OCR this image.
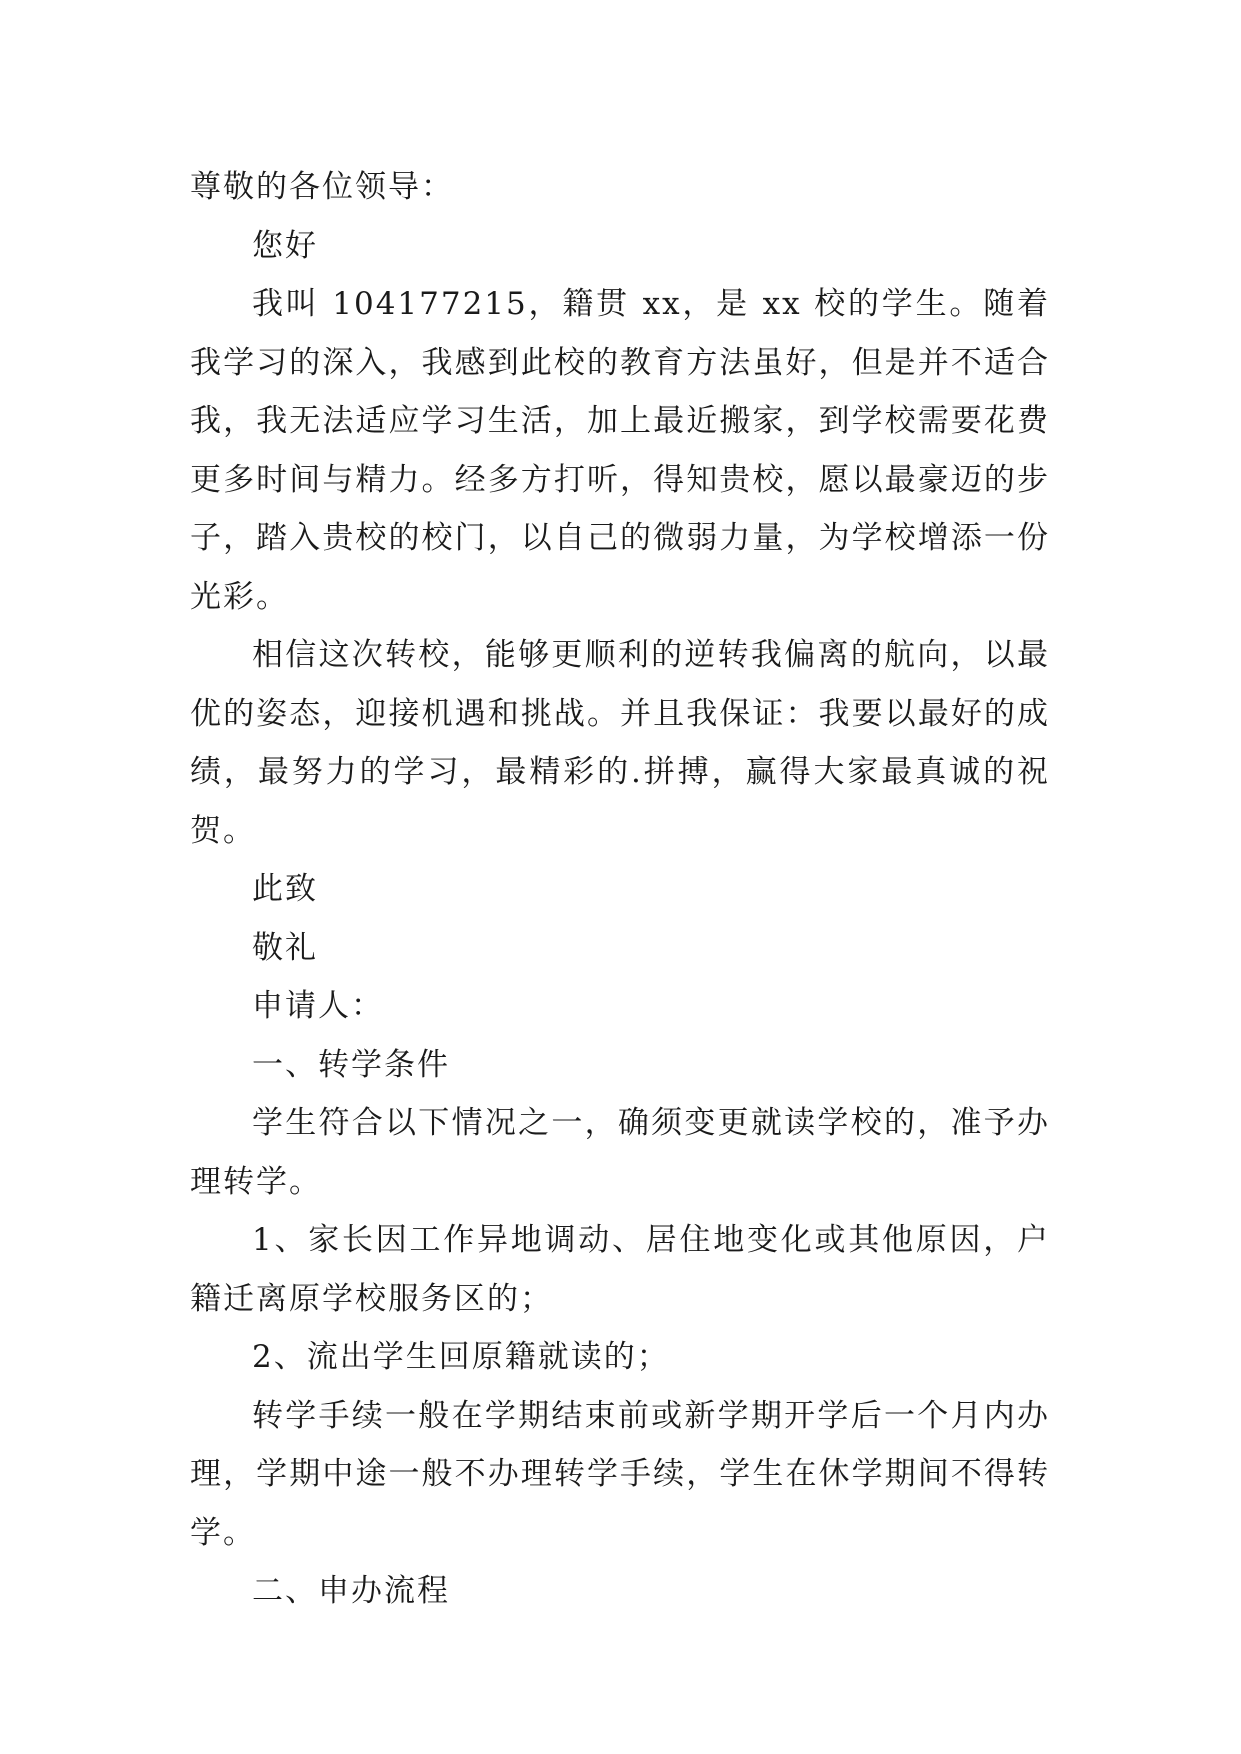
尊敬的各位领导：

您好

我叫 104177215，籍贯 xx，是 xx 校的学生。随着我学习的深入，我感到此校的教育方法虽好，但是并不适合我，我无法适应学习生活，加上最近搬家，到学校需要花费更多时间与精力。经多方打听，得知贵校，愿以最豪迈的步子，踏入贵校的校门，以自己的微弱力量，为学校增添一份光彩。

相信这次转校，能够更顺利的逆转我偏离的航向，以最优的姿态，迎接机遇和挑战。并且我保证：我要以最好的成绩，最努力的学习，最精彩的.拼搏，赢得大家最真诚的祝贺。

此致

敬礼

申请人：

一、转学条件

学生符合以下情况之一，确须变更就读学校的，准予办理转学。

1、家长因工作异地调动、居住地变化或其他原因，户籍迁离原学校服务区的；

2、流出学生回原籍就读的；

转学手续一般在学期结束前或新学期开学后一个月内办理，学期中途一般不办理转学手续，学生在休学期间不得转学。

二、申办流程
